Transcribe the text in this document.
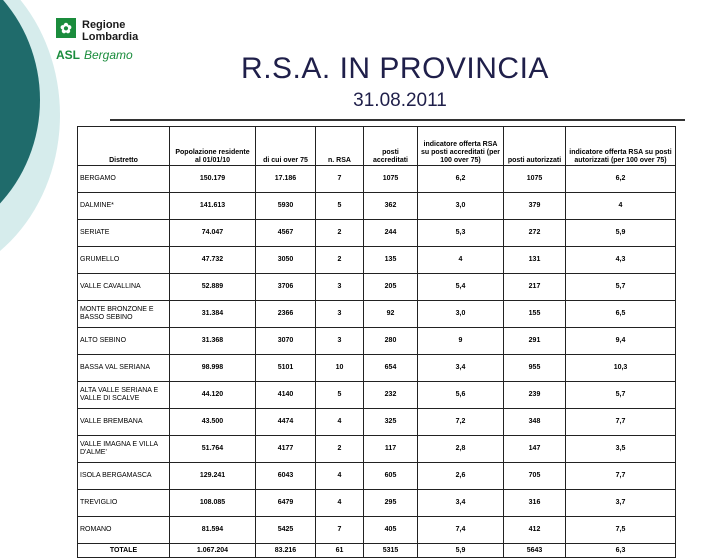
✿ Regione
Lombardia
ASL Bergamo	R.S.A. IN PROVINCIA
31.08.2011
Distretto	Popolazione residente al 01/01/10	di cui over 75	n. RSA	posti accreditati	indicatore offerta RSA su posti accreditati (per 100 over 75)	posti autorizzati	indicatore offerta RSA su posti autorizzati (per 100 over 75)
BERGAMO	150.179	17.186	7	1075	6,2	1075	6,2
DALMINE*	141.613	5930	5	362	3,0	379	4
SERIATE	74.047	4567	2	244	5,3	272	5,9
GRUMELLO	47.732	3050	2	135	4	131	4,3
VALLE CAVALLINA	52.889	3706	3	205	5,4	217	5,7
MONTE BRONZONE E BASSO SEBINO	31.384	2366	3	92	3,0	155	6,5
ALTO SEBINO	31.368	3070	3	280	9	291	9,4
BASSA VAL SERIANA	98.998	5101	10	654	3,4	955	10,3
ALTA VALLE SERIANA E VALLE DI SCALVE	44.120	4140	5	232	5,6	239	5,7
VALLE BREMBANA	43.500	4474	4	325	7,2	348	7,7
VALLE IMAGNA E VILLA D'ALME'	51.764	4177	2	117	2,8	147	3,5
ISOLA BERGAMASCA	129.241	6043	4	605	2,6	705	7,7
TREVIGLIO	108.085	6479	4	295	3,4	316	3,7
ROMANO	81.594	5425	7	405	7,4	412	7,5
TOTALE	1.067.204	83.216	61	5315	5,9	5643	6,3
